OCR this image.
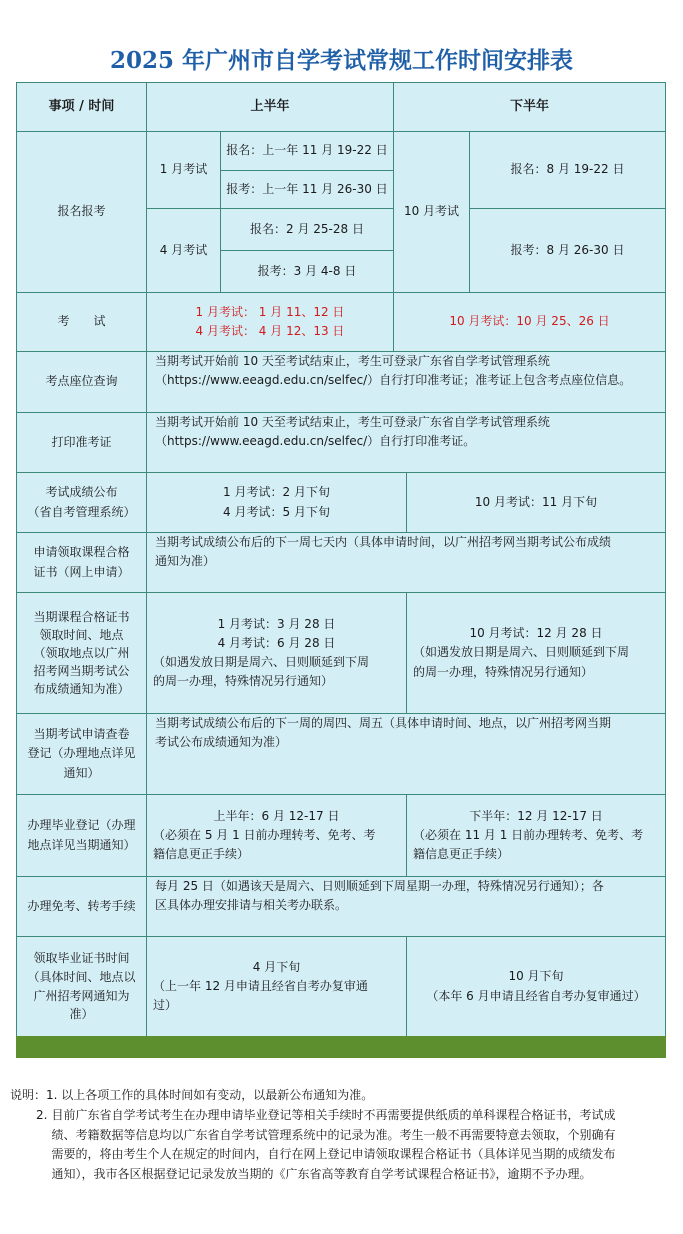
2025 年广州市自学考试常规工作时间安排表
事项 / 时间	上半年	下半年
报名报考
1 月考试
报名：上一年 11 月 19-22 日
报考：上一年 11 月 26-30 日
4 月考试
报名：2 月 25-28 日
报考：3 月 4-8 日
10 月考试
报名：8 月 19-22 日
报考：8 月 26-30 日
考　　试
1 月考试： 1 月 11、12 日
4 月考试： 4 月 12、13 日
10 月考试：10 月 25、26 日
考点座位查询
当期考试开始前 10 天至考试结束止，考生可登录广东省自学考试管理系统
（https://www.eeagd.edu.cn/selfec/）自行打印准考证；准考证上包含考点座位信息。
打印准考证
当期考试开始前 10 天至考试结束止，考生可登录广东省自学考试管理系统
（https://www.eeagd.edu.cn/selfec/）自行打印准考证。
考试成绩公布
（省自考管理系统）
1 月考试：2 月下旬
4 月考试：5 月下旬
10 月考试：11 月下旬
申请领取课程合格
证书（网上申请）
当期考试成绩公布后的下一周七天内（具体申请时间，以广州招考网当期考试公布成绩
通知为准）
当期课程合格证书
领取时间、地点
（领取地点以广州
招考网当期考试公
布成绩通知为准）
1 月考试：3 月 28 日
4 月考试：6 月 28 日
（如遇发放日期是周六、日则顺延到下周
的周一办理，特殊情况另行通知）
10 月考试：12 月 28 日
（如遇发放日期是周六、日则顺延到下周
的周一办理，特殊情况另行通知）
当期考试申请查卷
登记（办理地点详见
通知）
当期考试成绩公布后的下一周的周四、周五（具体申请时间、地点，以广州招考网当期
考试公布成绩通知为准）
办理毕业登记（办理
地点详见当期通知）
上半年：6 月 12-17 日
（必须在 5 月 1 日前办理转考、免考、考
籍信息更正手续）
下半年：12 月 12-17 日
（必须在 11 月 1 日前办理转考、免考、考
籍信息更正手续）
办理免考、转考手续
每月 25 日（如遇该天是周六、日则顺延到下周星期一办理，特殊情况另行通知）；各
区具体办理安排请与相关考办联系。
领取毕业证书时间
（具体时间、地点以
广州招考网通知为
准）
4 月下旬
（上一年 12 月申请且经省自考办复审通
过）
10 月下旬
（本年 6 月申请且经省自考办复审通过）
说明： 1. 以上各项工作的具体时间如有变动，以最新公布通知为准。
2. 目前广东省自学考试考生在办理申请毕业登记等相关手续时不再需要提供纸质的单科课程合格证书，考试成
绩、考籍数据等信息均以广东省自学考试管理系统中的记录为准。考生一般不再需要特意去领取，个别确有
需要的，将由考生个人在规定的时间内，自行在网上登记申请领取课程合格证书（具体详见当期的成绩发布
通知），我市各区根据登记记录发放当期的《广东省高等教育自学考试课程合格证书》，逾期不予办理。
